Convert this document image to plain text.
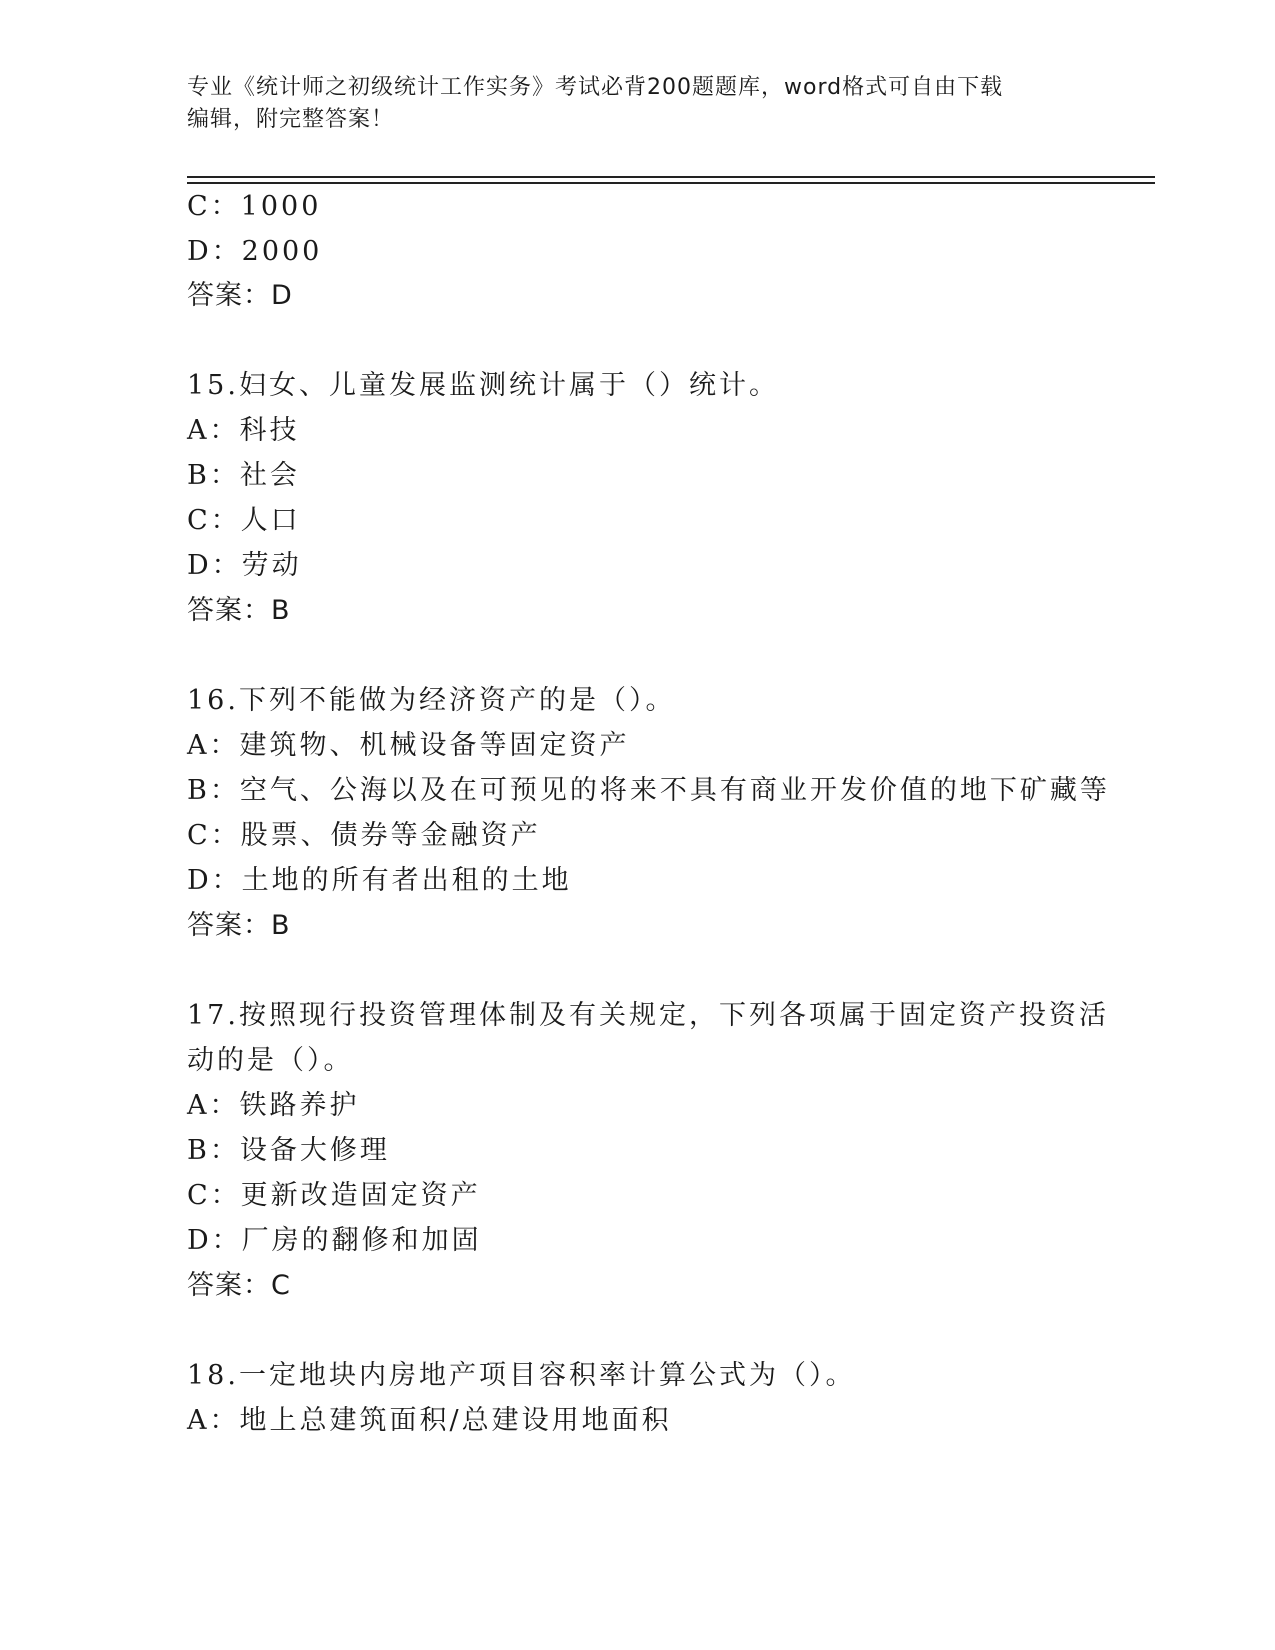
专业《统计师之初级统计工作实务》考试必背200题题库，word格式可自由下载
编辑，附完整答案！
C：1000
D：2000
答案：D
15.妇女、儿童发展监测统计属于（）统计。
A：科技
B：社会
C：人口
D：劳动
答案：B
16.下列不能做为经济资产的是（）。
A：建筑物、机械设备等固定资产
B：空气、公海以及在可预见的将来不具有商业开发价值的地下矿藏等
C：股票、债券等金融资产
D：土地的所有者出租的土地
答案：B
17.按照现行投资管理体制及有关规定，下列各项属于固定资产投资活
动的是（）。
A：铁路养护
B：设备大修理
C：更新改造固定资产
D：厂房的翻修和加固
答案：C
18.一定地块内房地产项目容积率计算公式为（）。
A：地上总建筑面积/总建设用地面积
